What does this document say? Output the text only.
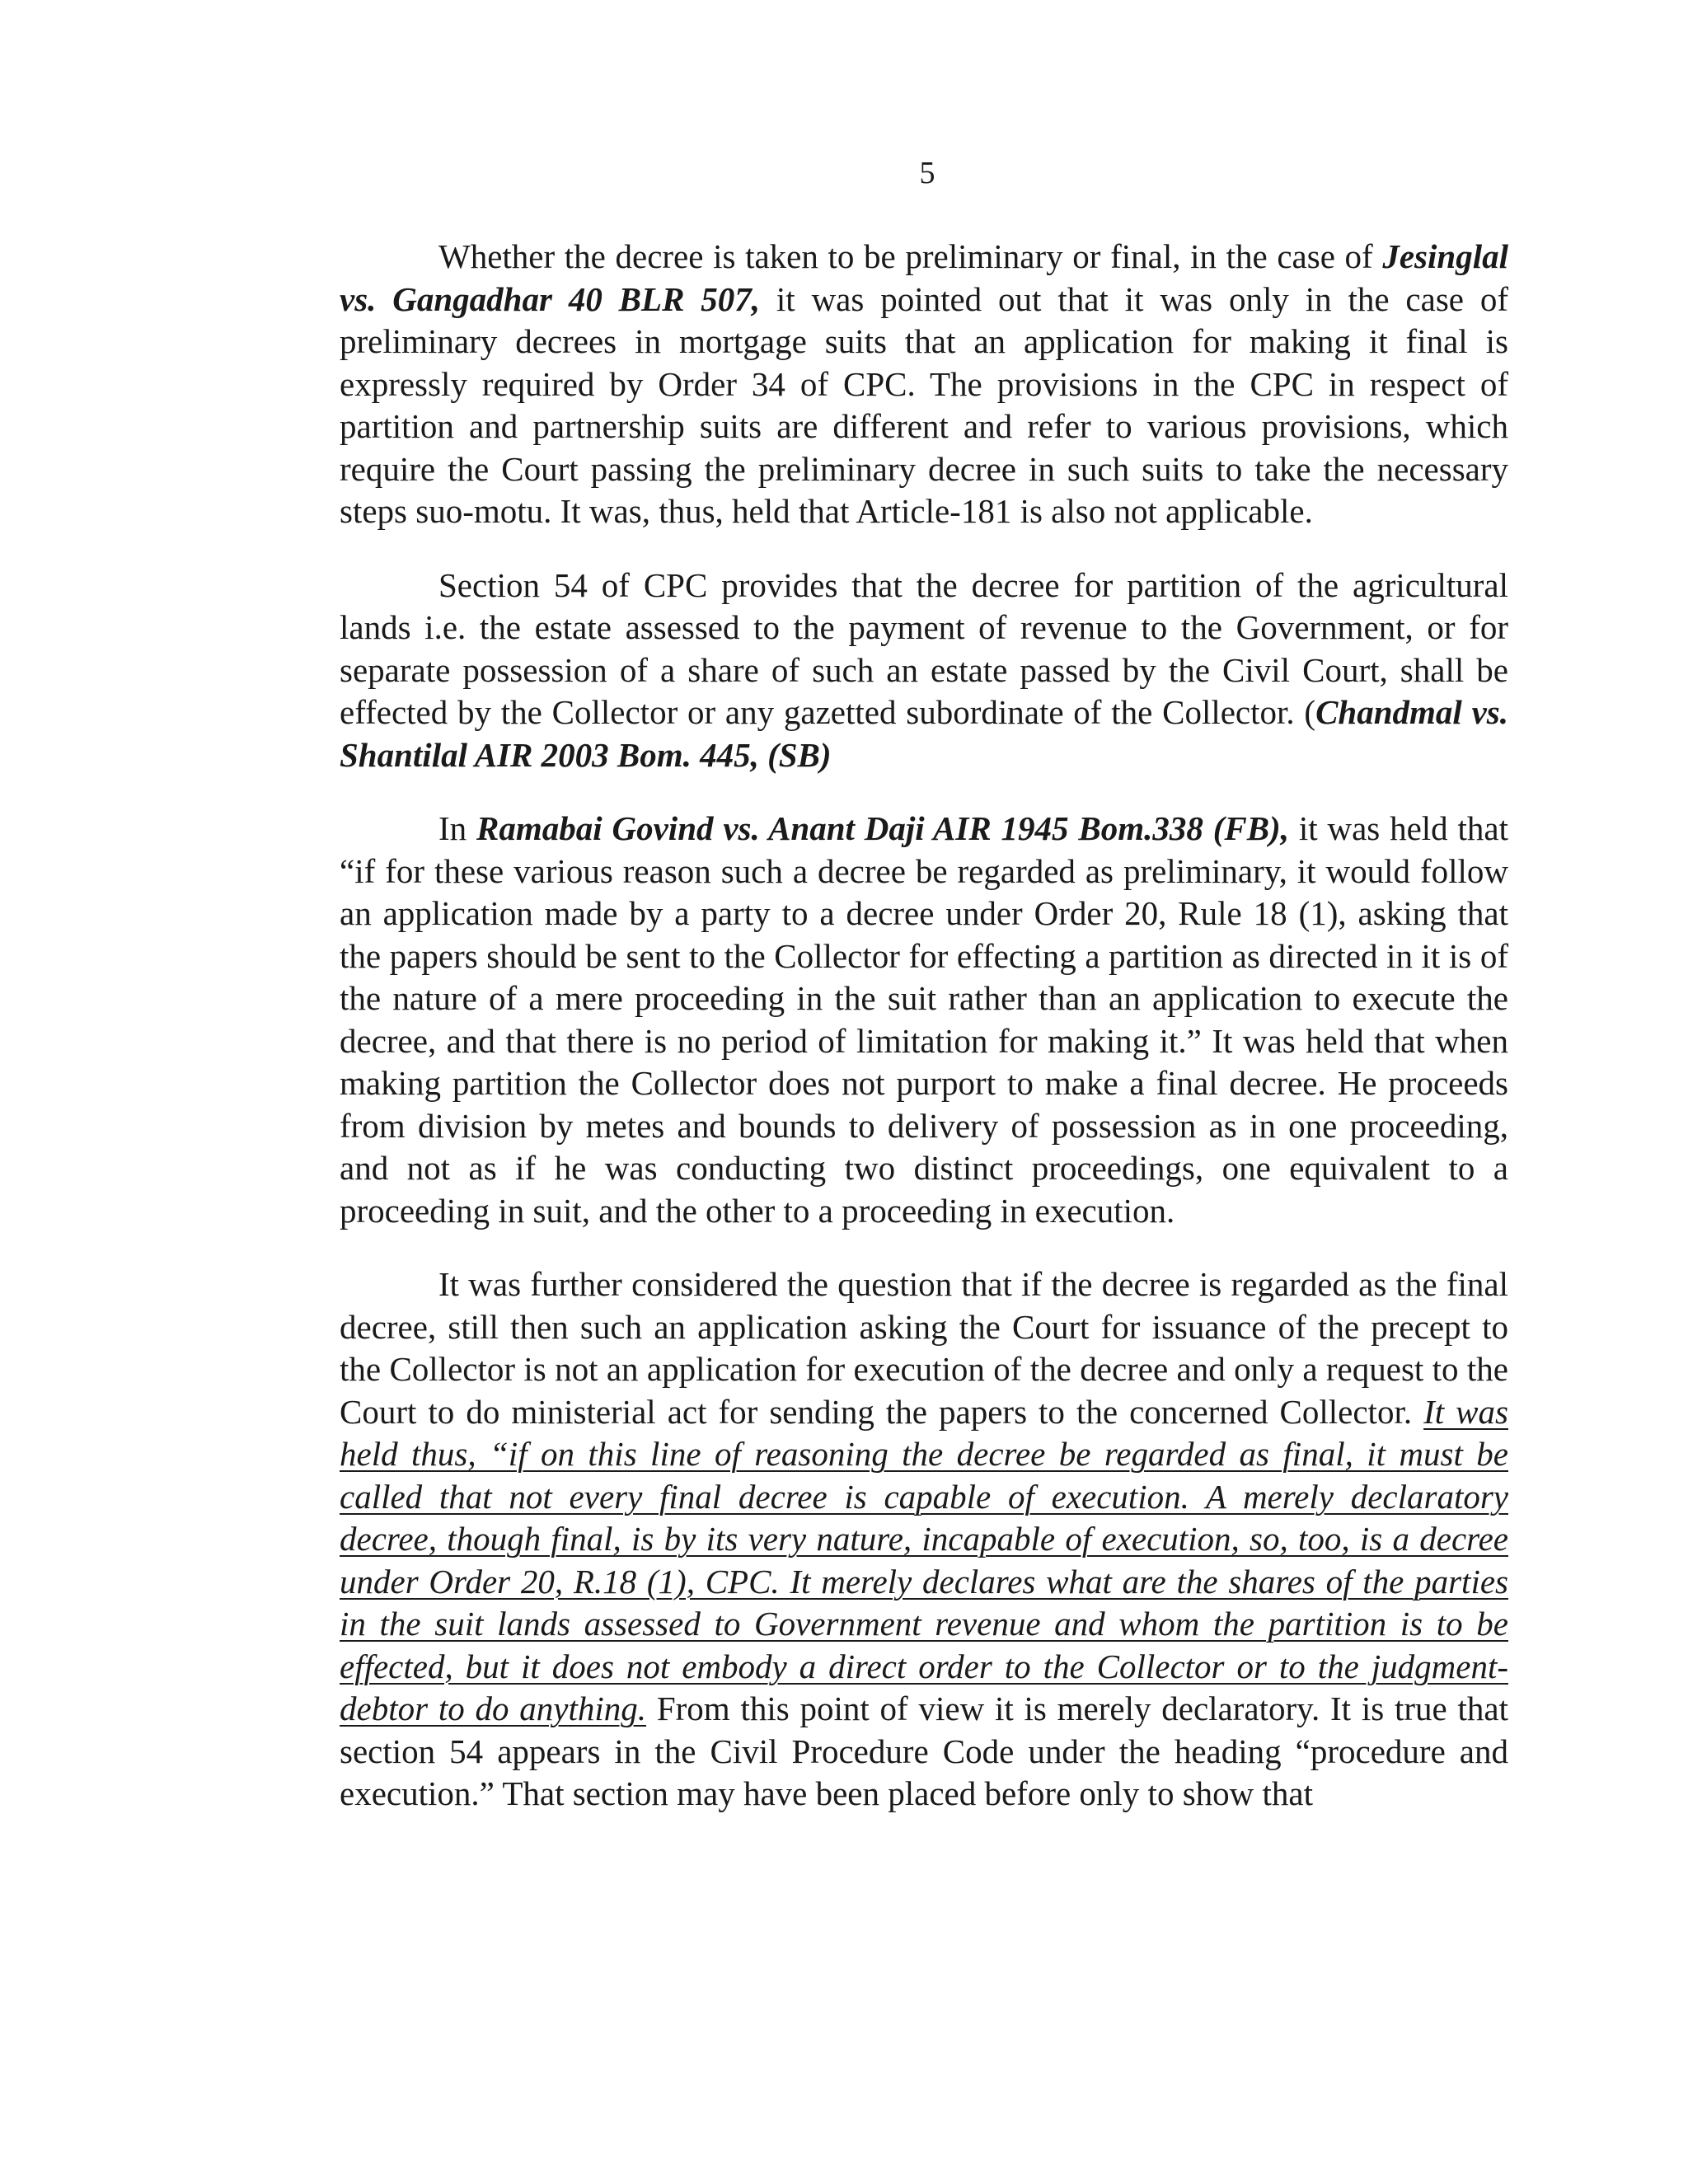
5

Whether the decree is taken to be preliminary or final, in the case of Jesinglal vs. Gangadhar 40 BLR 507, it was pointed out that it was only in the case of preliminary decrees in mortgage suits that an application for making it final is expressly required by Order 34 of CPC. The provisions in the CPC in respect of partition and partnership suits are different and refer to various provisions, which require the Court passing the preliminary decree in such suits to take the necessary steps suo-motu. It was, thus, held that Article-181 is also not applicable.

Section 54 of CPC provides that the decree for partition of the agricultural lands i.e. the estate assessed to the payment of revenue to the Government, or for separate possession of a share of such an estate passed by the Civil Court, shall be effected by the Collector or any gazetted subordinate of the Collector. (Chandmal vs. Shantilal AIR 2003 Bom. 445, (SB)

In Ramabai Govind vs. Anant Daji AIR 1945 Bom.338 (FB), it was held that “if for these various reason such a decree be regarded as preliminary, it would follow an application made by a party to a decree under Order 20, Rule 18 (1), asking that the papers should be sent to the Collector for effecting a partition as directed in it is of the nature of a mere proceeding in the suit rather than an application to execute the decree, and that there is no period of limitation for making it.” It was held that when making partition the Collector does not purport to make a final decree. He proceeds from division by metes and bounds to delivery of possession as in one proceeding, and not as if he was conducting two distinct proceedings, one equivalent to a proceeding in suit, and the other to a proceeding in execution.

It was further considered the question that if the decree is regarded as the final decree, still then such an application asking the Court for issuance of the precept to the Collector is not an application for execution of the decree and only a request to the Court to do ministerial act for sending the papers to the concerned Collector. It was held thus, “if on this line of reasoning the decree be regarded as final, it must be called that not every final decree is capable of execution. A merely declaratory decree, though final, is by its very nature, incapable of execution, so, too, is a decree under Order 20, R.18 (1), CPC. It merely declares what are the shares of the parties in the suit lands assessed to Government revenue and whom the partition is to be effected, but it does not embody a direct order to the Collector or to the judgment-debtor to do anything. From this point of view it is merely declaratory. It is true that section 54 appears in the Civil Procedure Code under the heading “procedure and execution.” That section may have been placed before only to show that
